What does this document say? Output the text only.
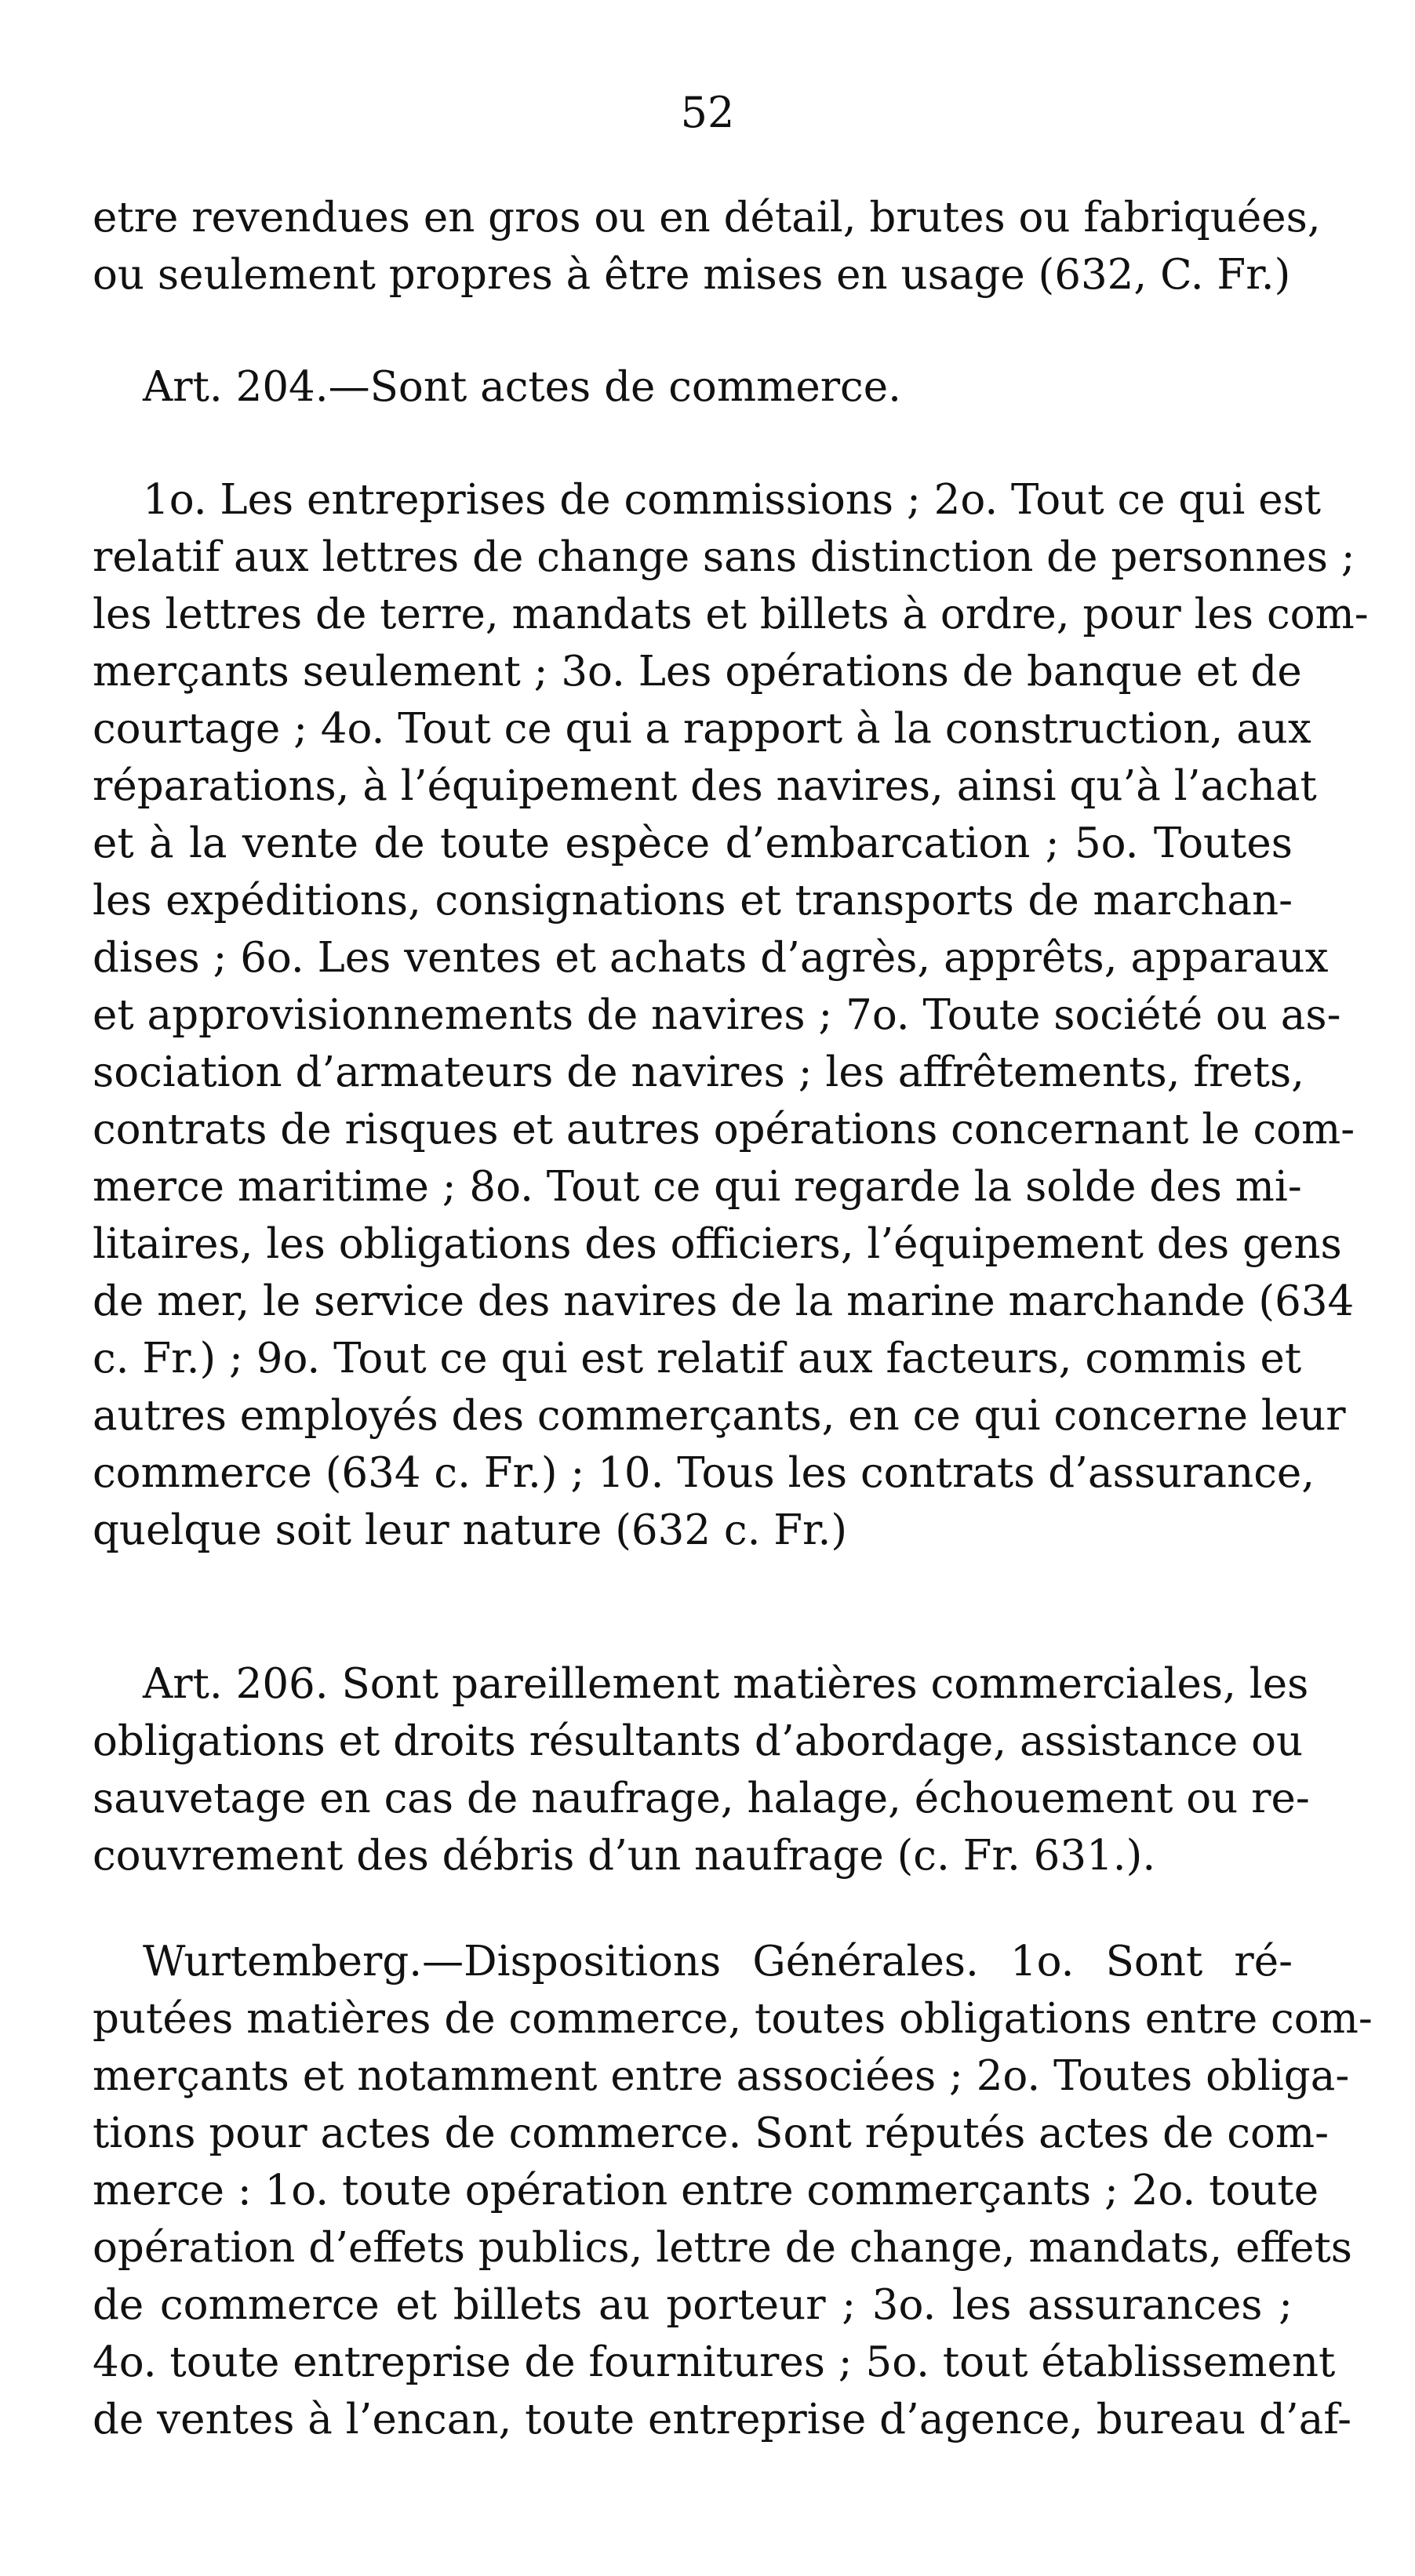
52
etre revendues en gros ou en détail, brutes ou fabriquées,
ou seulement propres à être mises en usage (632, C. Fr.)
Art. 204.—Sont actes de commerce.
1o. Les entreprises de commissions ; 2o. Tout ce qui est
relatif aux lettres de change sans distinction de personnes ;
les lettres de terre, mandats et billets à ordre, pour les com-
merçants seulement ; 3o. Les opérations de banque et de
courtage ; 4o. Tout ce qui a rapport à la construction, aux
réparations, à l’équipement des navires, ainsi qu’à l’achat
et à la vente de toute espèce d’embarcation ; 5o. Toutes
les expéditions, consignations et transports de marchan-
dises ; 6o. Les ventes et achats d’agrès, apprêts, apparaux
et approvisionnements de navires ; 7o. Toute société ou as-
sociation d’armateurs de navires ; les affrêtements, frets,
contrats de risques et autres opérations concernant le com-
merce maritime ; 8o. Tout ce qui regarde la solde des mi-
litaires, les obligations des officiers, l’équipement des gens
de mer, le service des navires de la marine marchande (634
c. Fr.) ; 9o. Tout ce qui est relatif aux facteurs, commis et
autres employés des commerçants, en ce qui concerne leur
commerce (634 c. Fr.) ; 10. Tous les contrats d’assurance,
quelque soit leur nature (632 c. Fr.)
Art. 206. Sont pareillement matières commerciales, les
obligations et droits résultants d’abordage, assistance ou
sauvetage en cas de naufrage, halage, échouement ou re-
couvrement des débris d’un naufrage (c. Fr. 631.).
Wurtemberg.—Dispositions Générales. 1o. Sont ré-
putées matières de commerce, toutes obligations entre com-
merçants et notamment entre associées ; 2o. Toutes obliga-
tions pour actes de commerce. Sont réputés actes de com-
merce : 1o. toute opération entre commerçants ; 2o. toute
opération d’effets publics, lettre de change, mandats, effets
de commerce et billets au porteur ; 3o. les assurances ;
4o. toute entreprise de fournitures ; 5o. tout établissement
de ventes à l’encan, toute entreprise d’agence, bureau d’af-
